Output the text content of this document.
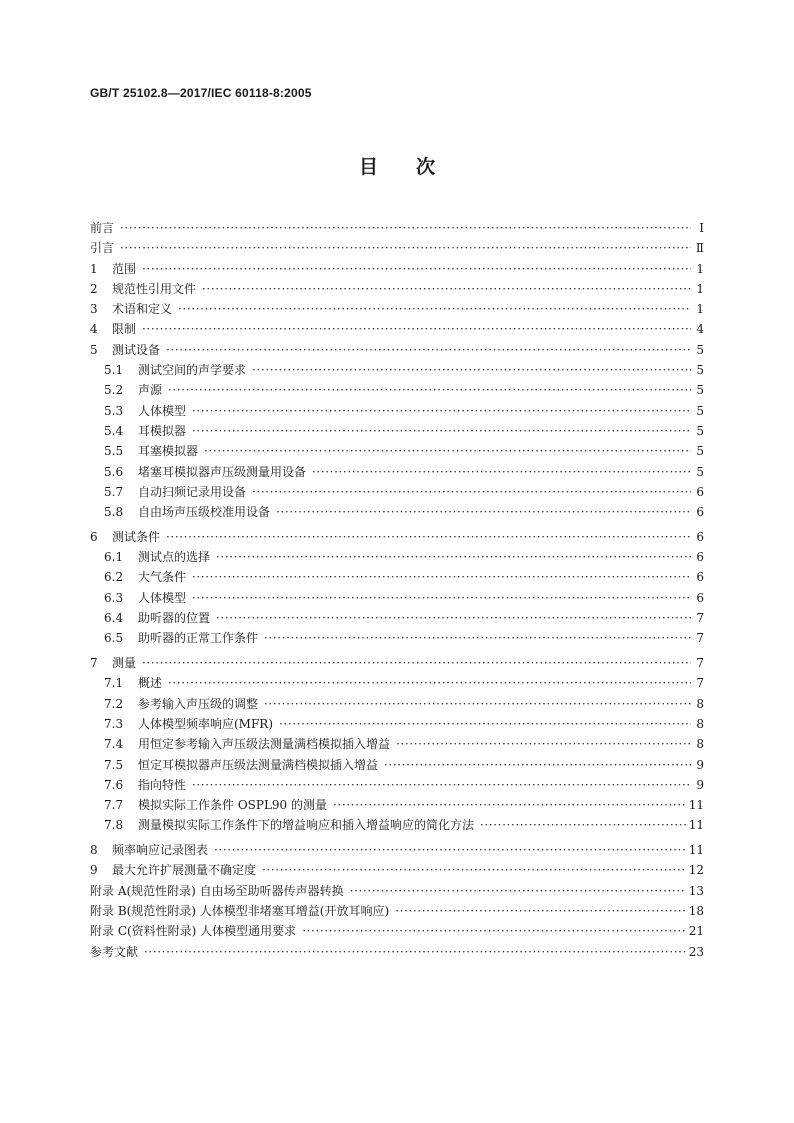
GB/T 25102.8—2017/IEC 60118-8:2005
目次
前言 ·····	Ⅰ
引言 ·····	Ⅱ
1 范围 ·····	1
2 规范性引用文件 ·····	1
3 术语和定义 ·····	1
4 限制 ·····	4
5 测试设备 ·····	5
5.1 测试空间的声学要求 ·····	5
5.2 声源 ·····	5
5.3 人体模型 ·····	5
5.4 耳模拟器 ·····	5
5.5 耳塞模拟器 ·····	5
5.6 堵塞耳模拟器声压级测量用设备 ·····	5
5.7 自动扫频记录用设备 ·····	6
5.8 自由场声压级校准用设备 ·····	6
6 测试条件 ·····	6
6.1 测试点的选择 ·····	6
6.2 大气条件 ·····	6
6.3 人体模型 ·····	6
6.4 助听器的位置 ·····	7
6.5 助听器的正常工作条件 ·····	7
7 测量 ·····	7
7.1 概述 ·····	7
7.2 参考输入声压级的调整 ·····	8
7.3 人体模型频率响应(MFR) ·····	8
7.4 用恒定参考输入声压级法测量满档模拟插入增益 ·····	8
7.5 恒定耳模拟器声压级法测量满档模拟插入增益 ·····	9
7.6 指向特性 ·····	9
7.7 模拟实际工作条件 OSPL90 的测量 ·····	11
7.8 测量模拟实际工作条件下的增益响应和插入增益响应的简化方法 ·····	11
8 频率响应记录图表 ·····	11
9 最大允许扩展测量不确定度 ·····	12
附录 A(规范性附录) 自由场至助听器传声器转换 ·····	13
附录 B(规范性附录) 人体模型非堵塞耳增益(开放耳响应) ·····	18
附录 C(资料性附录) 人体模型通用要求 ·····	21
参考文献 ·····	23
